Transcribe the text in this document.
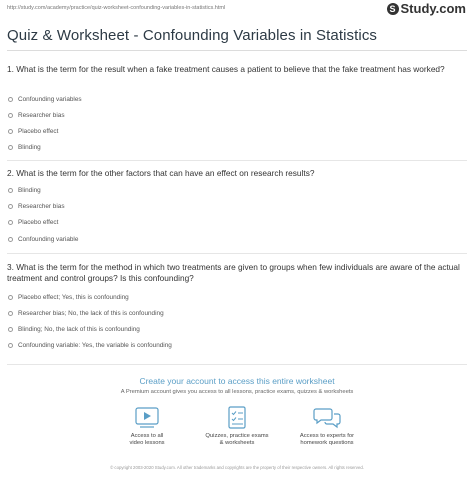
http://study.com/academy/practice/quiz-worksheet-confounding-variables-in-statistics.html	S Study.com
Quiz & Worksheet - Confounding Variables in Statistics
1. What is the term for the result when a fake treatment causes a patient to believe that the fake treatment has worked?
Confounding variables
Researcher bias
Placebo effect
Blinding
2. What is the term for the other factors that can have an effect on research results?
Blinding
Researcher bias
Placebo effect
Confounding variable
3. What is the term for the method in which two treatments are given to groups when few individuals are aware of the actual treatment and control groups? Is this confounding?
Placebo effect; Yes, this is confounding
Researcher bias; No, the lack of this is confounding
Blinding; No, the lack of this is confounding
Confounding variable: Yes, the variable is confounding
Create your account to access this entire worksheet
A Premium account gives you access to all lessons, practice exams, quizzes & worksheets
Access to all
video lessons
Quizzes, practice exams
& worksheets
Access to experts for
homework questions
© copyright 2003-2020 Study.com. All other trademarks and copyrights are the property of their respective owners. All rights reserved.
